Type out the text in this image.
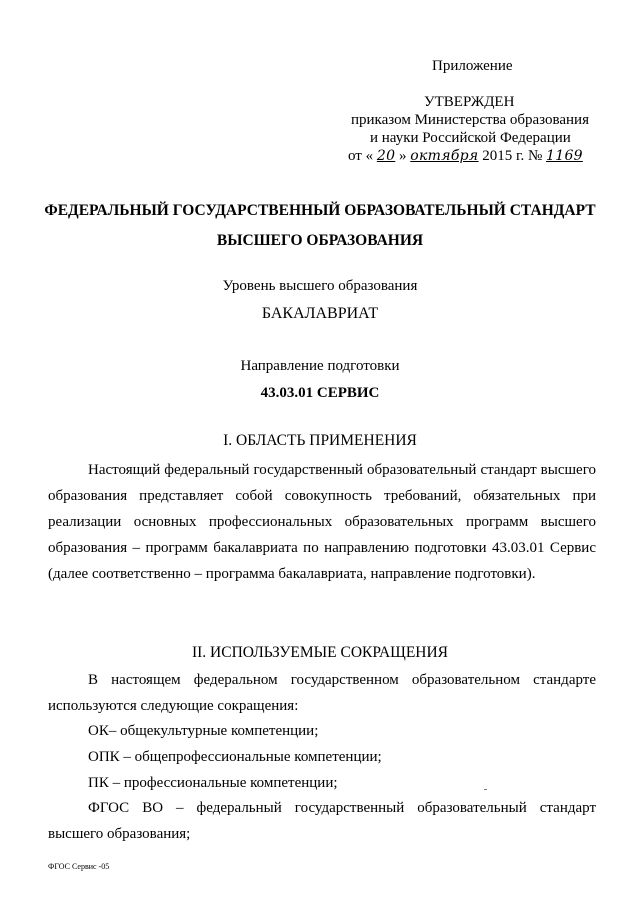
Приложение
УТВЕРЖДЕН
приказом Министерства образования
и науки Российской Федерации
от « 20 » октября 2015 г. № 1169
ФЕДЕРАЛЬНЫЙ ГОСУДАРСТВЕННЫЙ ОБРАЗОВАТЕЛЬНЫЙ СТАНДАРТ
ВЫСШЕГО ОБРАЗОВАНИЯ
Уровень высшего образования
БАКАЛАВРИАТ
Направление подготовки
43.03.01 СЕРВИС
I. ОБЛАСТЬ ПРИМЕНЕНИЯ
Настоящий федеральный государственный образовательный стандарт высшего образования представляет собой совокупность требований, обязательных при реализации основных профессиональных образовательных программ высшего образования – программ бакалавриата по направлению подготовки 43.03.01 Сервис (далее соответственно – программа бакалавриата, направление подготовки).
II. ИСПОЛЬЗУЕМЫЕ СОКРАЩЕНИЯ
В настоящем федеральном государственном образовательном стандарте используются следующие сокращения:
ОК– общекультурные компетенции;
ОПК – общепрофессиональные компетенции;
ПК – профессиональные компетенции;
ФГОС ВО – федеральный государственный образовательный стандарт высшего образования;
ФГОС Сервис -05
